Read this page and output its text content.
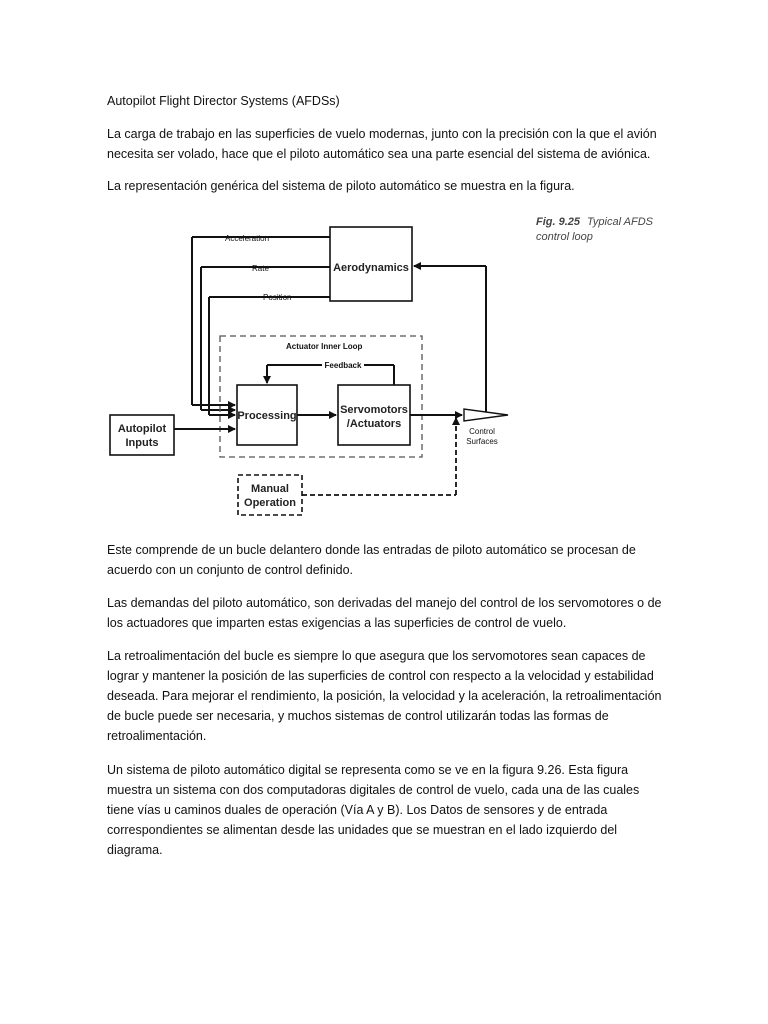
Autopilot Flight Director Systems (AFDSs)

La carga de trabajo en las superficies de vuelo modernas, junto con la precisión con la que el avión necesita ser volado, hace que el piloto automático sea una parte esencial del sistema de aviónica.

La representación genérica del sistema de piloto automático se muestra en la figura.

Fig. 9.25 Typical AFDS
control loop
Aerodynamics
Acceleration
Rate
Position
Actuator Inner Loop
Processing	Servomotors
/Actuators
Feedback
Control
Surfaces
Autopilot
Inputs
Manual
Operation

Este comprende de un bucle delantero donde las entradas de piloto automático se procesan de acuerdo con un conjunto de control definido.

Las demandas del piloto automático, son derivadas del manejo del control de los servomotores o de los actuadores que imparten estas exigencias a las superficies de control de vuelo.

La retroalimentación del bucle es siempre lo que asegura que los servomotores sean capaces de lograr y mantener la posición de las superficies de control con respecto a la velocidad y estabilidad deseada. Para mejorar el rendimiento, la posición, la velocidad y la aceleración, la retroalimentación de bucle puede ser necesaria, y muchos sistemas de control utilizarán todas las formas de retroalimentación.

Un sistema de piloto automático digital se representa como se ve en la figura 9.26. Esta figura muestra un sistema con dos computadoras digitales de control de vuelo, cada una de las cuales tiene vías u caminos duales de operación (Vía A y B). Los Datos de sensores y de entrada correspondientes se alimentan desde las unidades que se muestran en el lado izquierdo del diagrama.
